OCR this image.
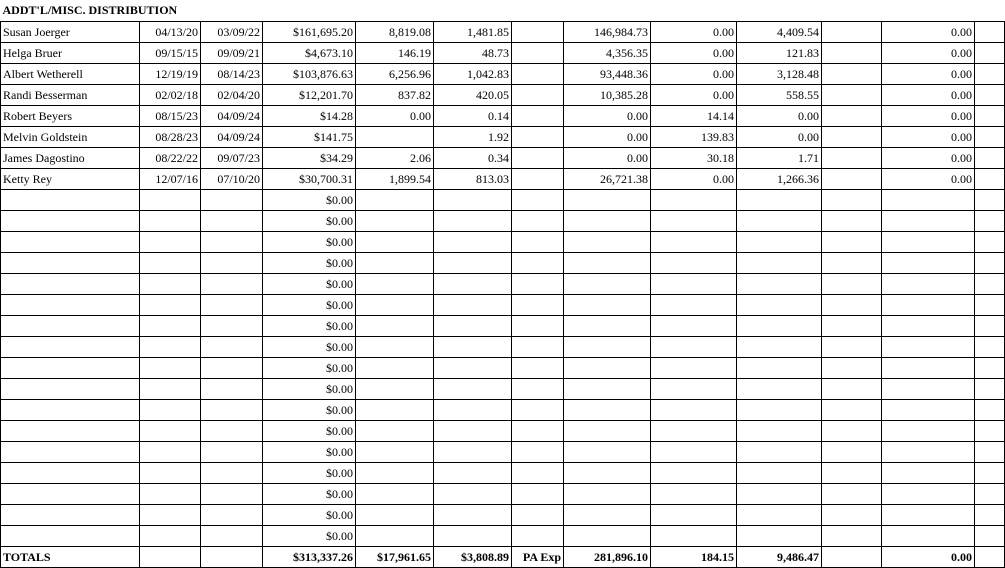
ADDT'L/MISC. DISTRIBUTION												
Susan Joerger	04/13/20	03/09/22	$161,695.20	8,819.08	1,481.85		146,984.73	0.00	4,409.54		0.00	
Helga Bruer	09/15/15	09/09/21	$4,673.10	146.19	48.73		4,356.35	0.00	121.83		0.00	
Albert Wetherell	12/19/19	08/14/23	$103,876.63	6,256.96	1,042.83		93,448.36	0.00	3,128.48		0.00	
Randi Besserman	02/02/18	02/04/20	$12,201.70	837.82	420.05		10,385.28	0.00	558.55		0.00	
Robert Beyers	08/15/23	04/09/24	$14.28	0.00	0.14		0.00	14.14	0.00		0.00	
Melvin Goldstein	08/28/23	04/09/24	$141.75		1.92		0.00	139.83	0.00		0.00	
James Dagostino	08/22/22	09/07/23	$34.29	2.06	0.34		0.00	30.18	1.71		0.00	
Ketty Rey	12/07/16	07/10/20	$30,700.31	1,899.54	813.03		26,721.38	0.00	1,266.36		0.00	
			$0.00									
			$0.00									
			$0.00									
			$0.00									
			$0.00									
			$0.00									
			$0.00									
			$0.00									
			$0.00									
			$0.00									
			$0.00									
			$0.00									
			$0.00									
			$0.00									
			$0.00									
			$0.00									
			$0.00									
TOTALS			$313,337.26	$17,961.65	$3,808.89	PA Exp	281,896.10	184.15	9,486.47		0.00	
